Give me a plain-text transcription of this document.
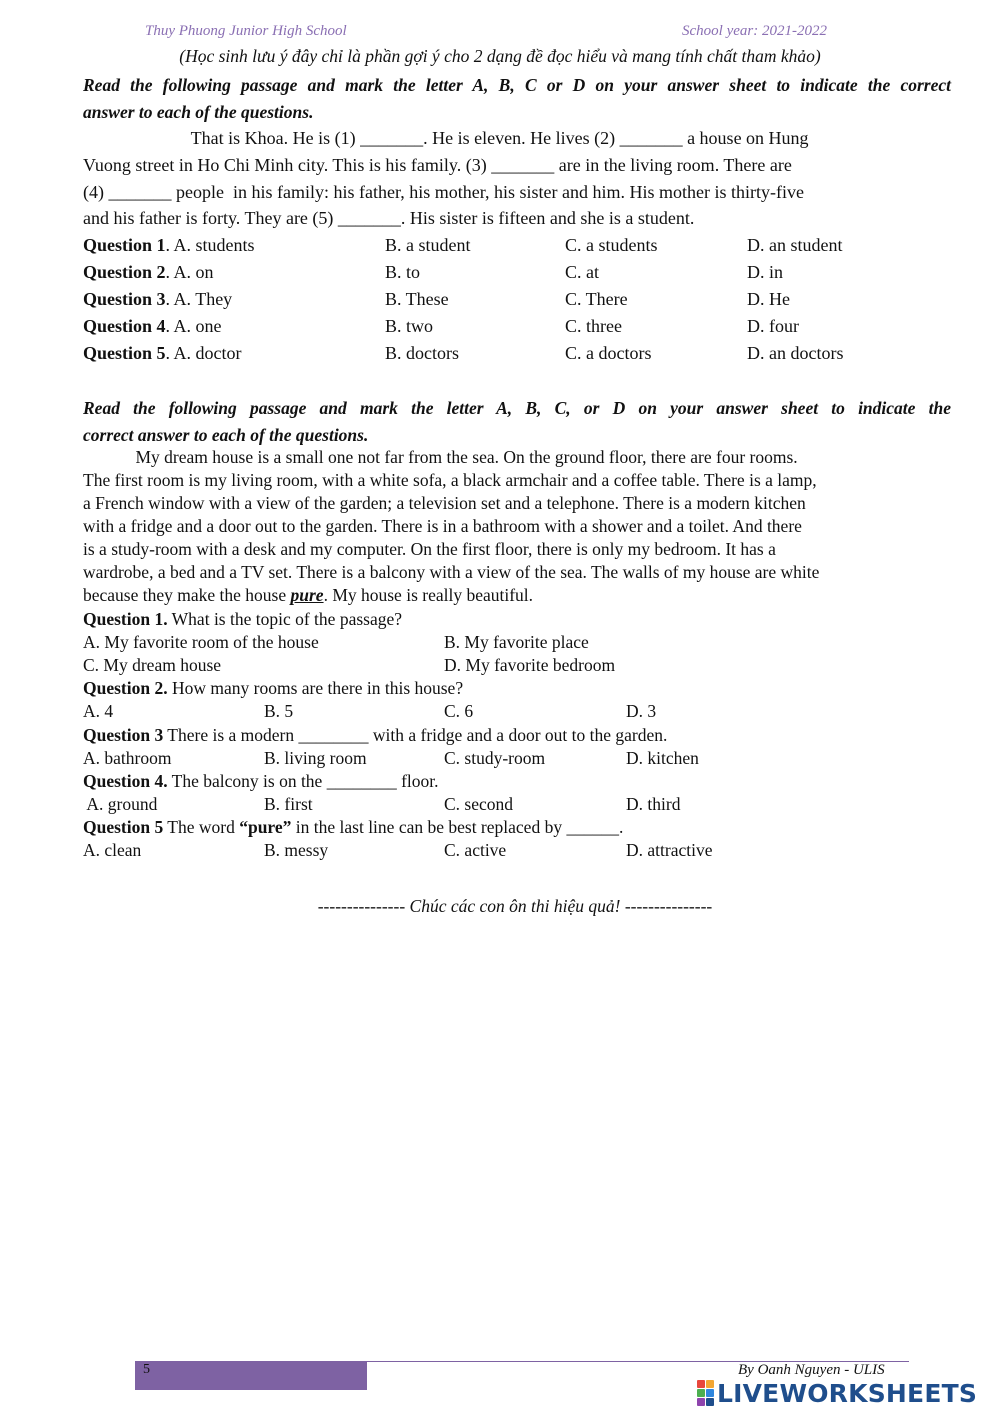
Thuy Phuong Junior High School	School year: 2021-2022
(Học sinh lưu ý đây chỉ là phần gợi ý cho 2 dạng đề đọc hiểu và mang tính chất tham khảo)
Read the following passage and mark the letter A, B, C or D on your answer sheet to indicate the correct
answer to each of the questions.
That is Khoa. He is (1) _______. He is eleven. He lives (2) _______ a house on Hung
Vuong street in Ho Chi Minh city. This is his family. (3) _______ are in the living room. There are
(4) _______ people  in his family: his father, his mother, his sister and him. His mother is thirty-five
and his father is forty. They are (5) _______. His sister is fifteen and she is a student.
Question 1. A. students	B. a student	C. a students	D. an student
Question 2. A. on	B. to	C. at	D. in
Question 3. A. They	B. These	C. There	D. He
Question 4. A. one	B. two	C. three	D. four
Question 5. A. doctor	B. doctors	C. a doctors	D. an doctors
Read the following passage and mark the letter A, B, C, or D on your answer sheet to indicate the
correct answer to each of the questions.
My dream house is a small one not far from the sea. On the ground floor, there are four rooms.
The first room is my living room, with a white sofa, a black armchair and a coffee table. There is a lamp,
a French window with a view of the garden; a television set and a telephone. There is a modern kitchen
with a fridge and a door out to the garden. There is in a bathroom with a shower and a toilet. And there
is a study-room with a desk and my computer. On the first floor, there is only my bedroom. It has a
wardrobe, a bed and a TV set. There is a balcony with a view of the sea. The walls of my house are white
because they make the house pure. My house is really beautiful.
Question 1. What is the topic of the passage?
A. My favorite room of the house	B. My favorite place
C. My dream house	D. My favorite bedroom
Question 2. How many rooms are there in this house?
A. 4	B. 5	C. 6	D. 3
Question 3 There is a modern ________ with a fridge and a door out to the garden.
A. bathroom	B. living room	C. study-room	D. kitchen
Question 4. The balcony is on the ________ floor.
A. ground	B. first	C. second	D. third
Question 5 The word “pure” in the last line can be best replaced by ______.
A. clean	B. messy	C. active	D. attractive
--------------- Chúc các con ôn thi hiệu quả! ---------------
5	By Oanh Nguyen - ULIS
LIVEWORKSHEETS
